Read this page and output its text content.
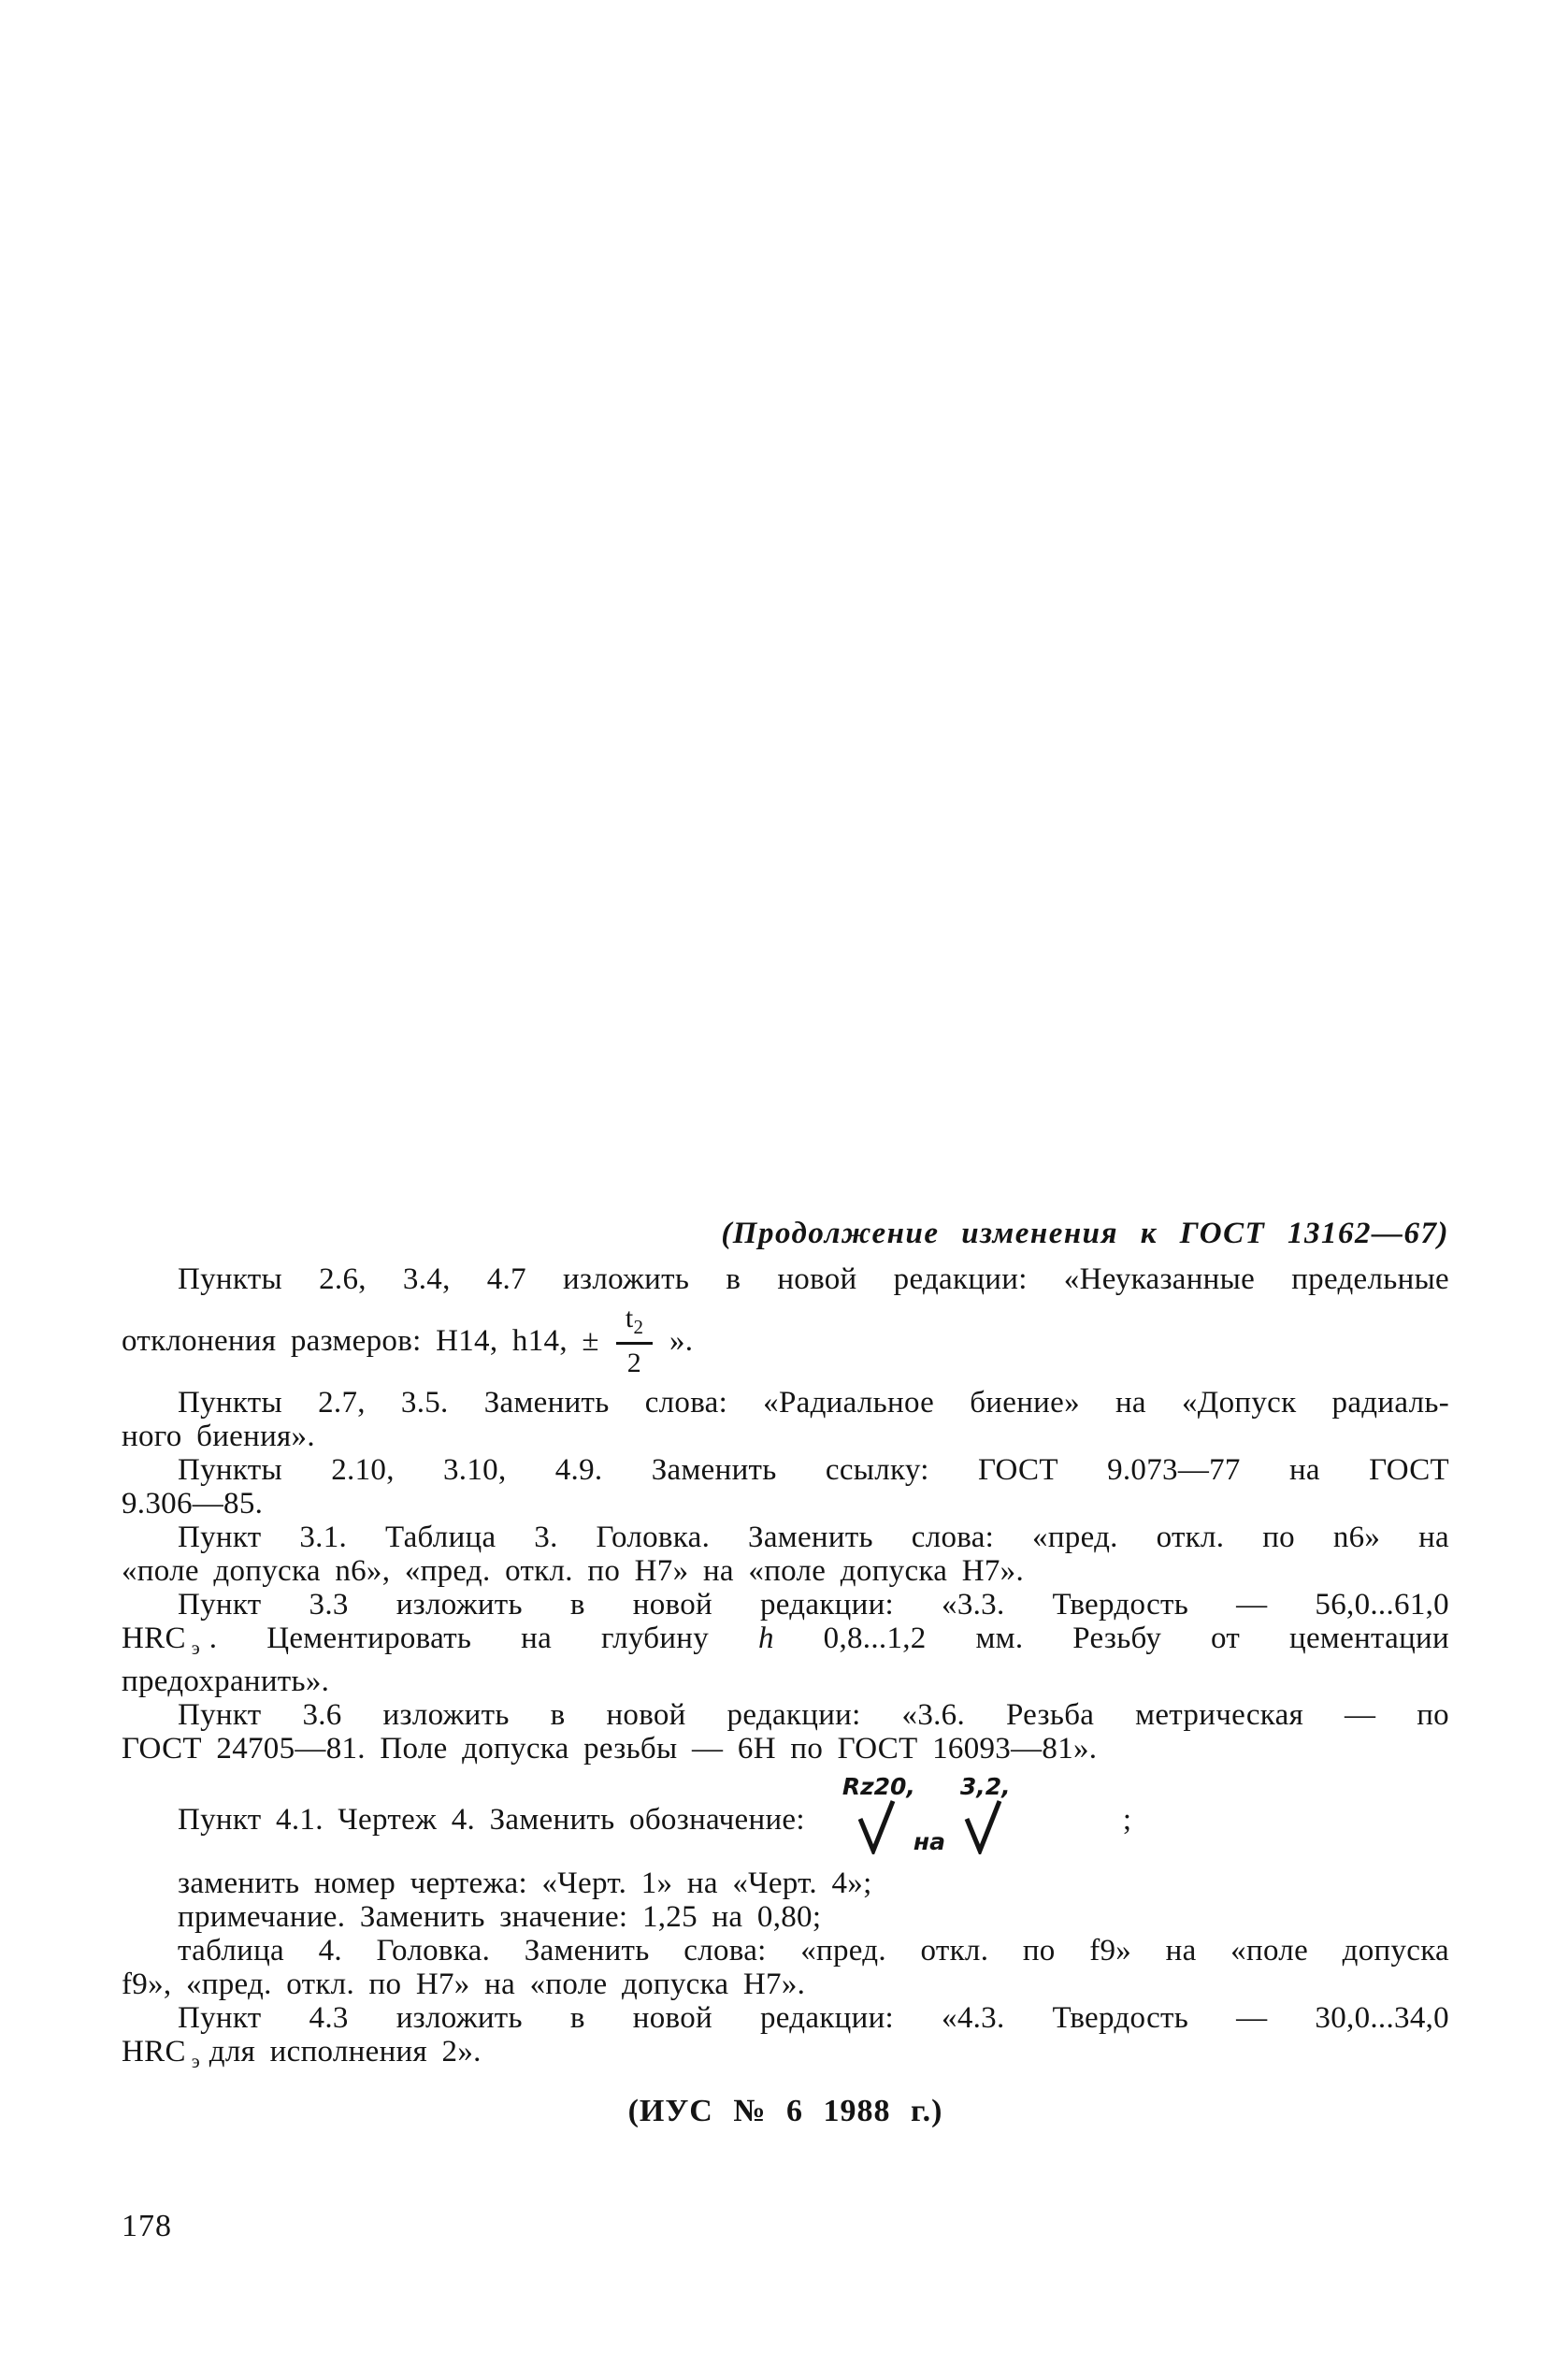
(Продолжение изменения к ГОСТ 13162—67)
Пункты 2.6, 3.4, 4.7 изложить в новой редакции: «Неуказанные предельные
отклонения размеров: H14, h14, ± $\frac{t_2}{2}$ ».
Пункты 2.7, 3.5. Заменить слова: «Радиальное биение» на «Допуск радиаль-
ного биения».
Пункты 2.10, 3.10, 4.9. Заменить ссылку: ГОСТ 9.073—77 на ГОСТ
9.306—85.
Пункт 3.1. Таблица 3. Головка. Заменить слова: «пред. откл. по n6» на
«поле допуска n6», «пред. откл. по H7» на «поле допуска H7».
Пункт 3.3 изложить в новой редакции: «3.3. Твердость — 56,0...61,0
HRC $_э$ . Цементировать на глубину h 0,8...1,2 мм. Резьбу от цементации
предохранить».
Пункт 3.6 изложить в новой редакции: «3.6. Резьба метрическая — по
ГОСТ 24705—81. Поле допуска резьбы — 6Н по ГОСТ 16093—81».
Пункт 4.1. Чертеж 4. Заменить обозначение:
Rz20,
на
3,2,
;
заменить номер чертежа: «Черт. 1» на «Черт. 4»;
примечание. Заменить значение: 1,25 на 0,80;
таблица 4. Головка. Заменить слова: «пред. откл. по f9» на «поле допуска
f9», «пред. откл. по H7» на «поле допуска H7».
Пункт 4.3 изложить в новой редакции: «4.3. Твердость — 30,0...34,0
HRC $_э$ для исполнения 2».
(ИУС № 6 1988 г.)
178
